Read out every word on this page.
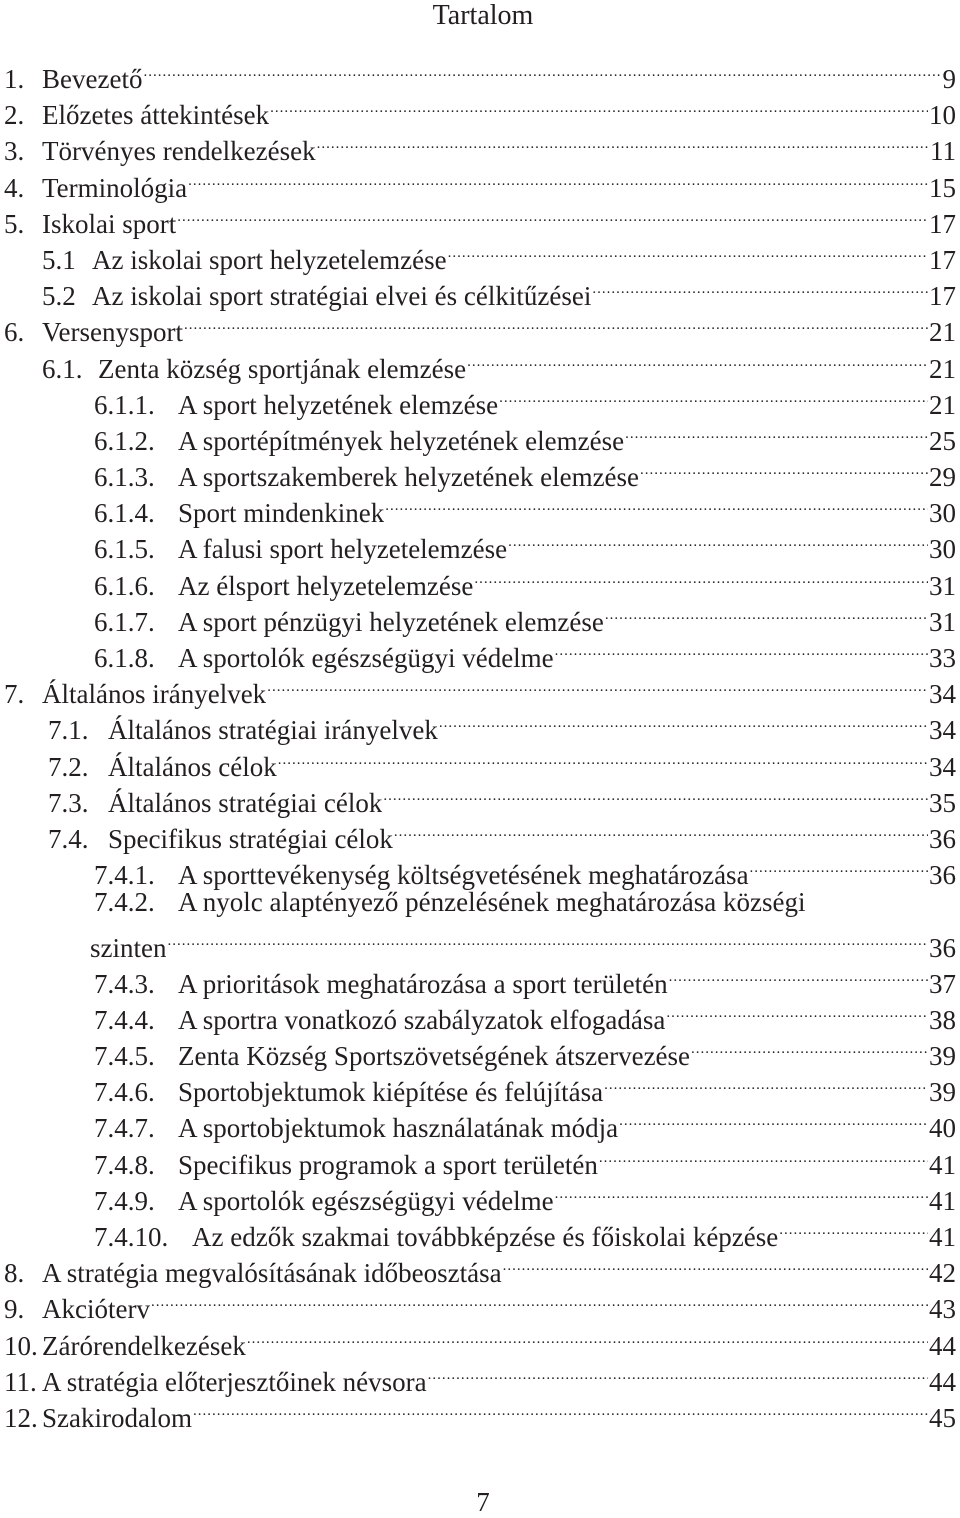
Tartalom
1. Bevezető .....	9
2. Előzetes áttekintések .....	10
3. Törvényes rendelkezések .....	11
4. Terminológia .....	15
5. Iskolai sport .....	17
5.1 Az iskolai sport helyzetelemzése .....	17
5.2 Az iskolai sport stratégiai elvei és célkitűzései .....	17
6. Versenysport .....	21
6.1. Zenta község sportjának elemzése .....	21
6.1.1. A sport helyzetének elemzése .....	21
6.1.2. A sportépítmények helyzetének elemzése .....	25
6.1.3. A sportszakemberek helyzetének elemzése .....	29
6.1.4. Sport mindenkinek .....	30
6.1.5. A falusi sport helyzetelemzése .....	30
6.1.6. Az élsport helyzetelemzése .....	31
6.1.7. A sport pénzügyi helyzetének elemzése .....	31
6.1.8. A sportolók egészségügyi védelme .....	33
7. Általános irányelvek .....	34
7.1. Általános stratégiai irányelvek .....	34
7.2. Általános célok .....	34
7.3. Általános stratégiai célok .....	35
7.4. Specifikus stratégiai célok .....	36
7.4.1. A sporttevékenység költségvetésének meghatározása .....	36
7.4.2. A nyolc alaptényező pénzelésének meghatározása községi
szinten .....	36
7.4.3. A prioritások meghatározása a sport területén .....	37
7.4.4. A sportra vonatkozó szabályzatok elfogadása .....	38
7.4.5. Zenta Község Sportszövetségének átszervezése .....	39
7.4.6. Sportobjektumok kiépítése és felújítása .....	39
7.4.7. A sportobjektumok használatának módja .....	40
7.4.8. Specifikus programok a sport területén .....	41
7.4.9. A sportolók egészségügyi védelme .....	41
7.4.10. Az edzők szakmai továbbképzése és főiskolai képzése .....	41
8. A stratégia megvalósításának időbeosztása .....	42
9. Akcióterv .....	43
10. Zárórendelkezések .....	44
11. A stratégia előterjesztőinek névsora .....	44
12. Szakirodalom .....	45
7
